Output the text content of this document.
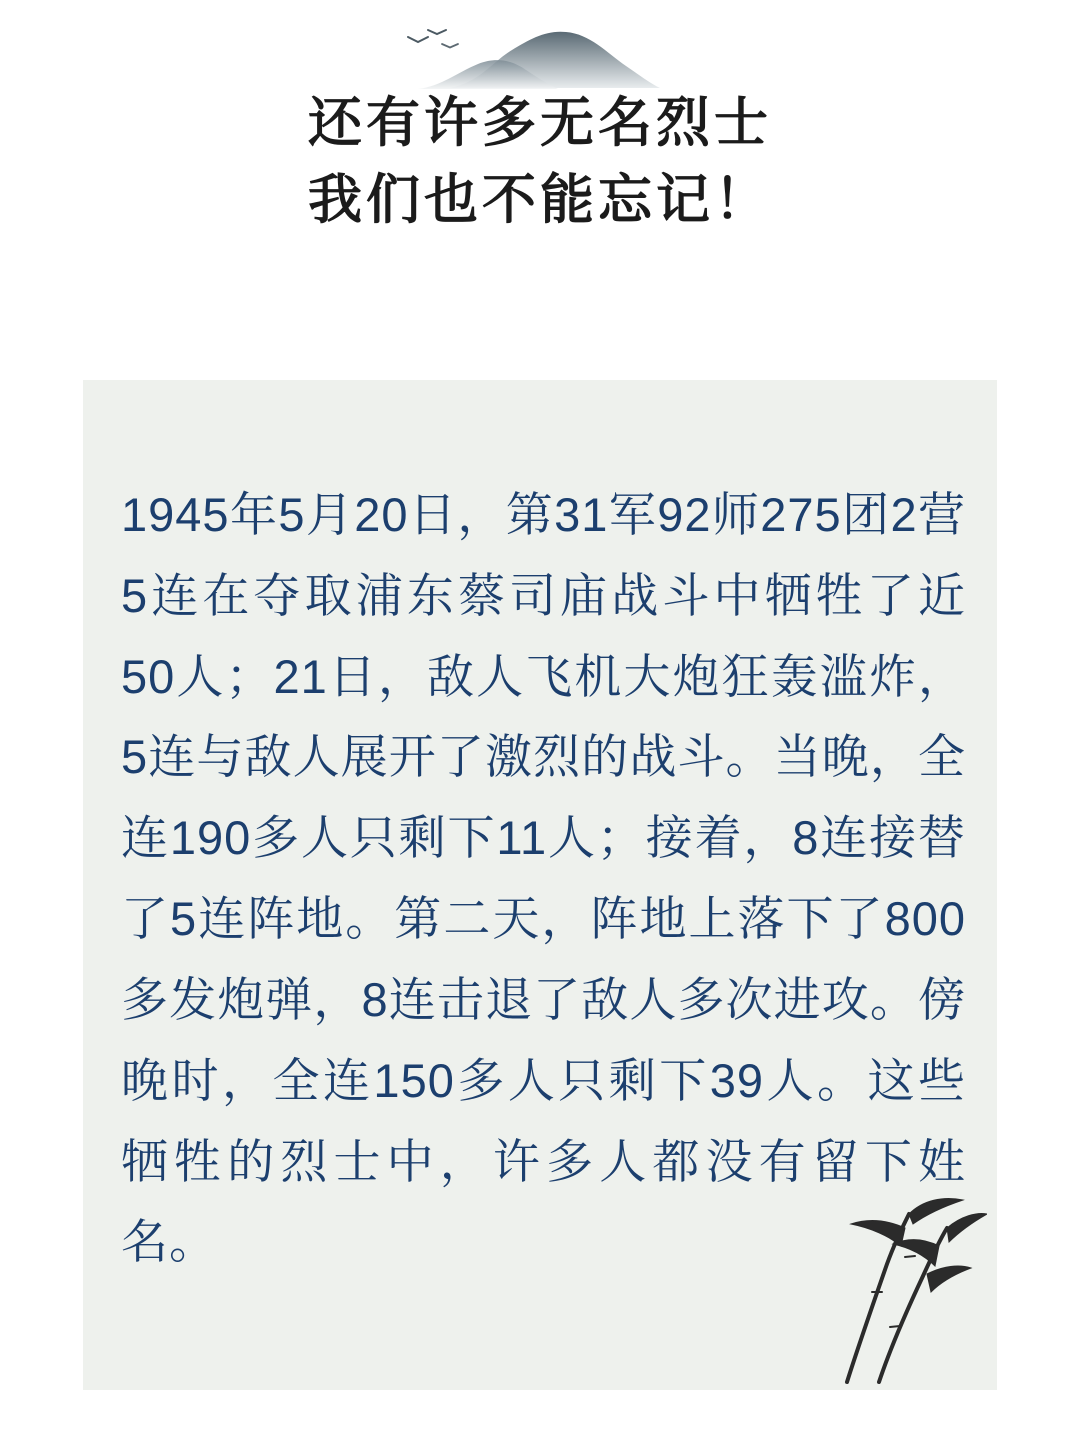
还有许多无名烈士
我们也不能忘记！
1945年5月20日，第31军92师275团2营5连在夺取浦东蔡司庙战斗中牺牲了近50人；21日，敌人飞机大炮狂轰滥炸，5连与敌人展开了激烈的战斗。当晚，全连190多人只剩下11人；接着，8连接替了5连阵地。第二天，阵地上落下了800多发炮弹，8连击退了敌人多次进攻。傍晚时，全连150多人只剩下39人。这些牺牲的烈士中，许多人都没有留下姓名。
